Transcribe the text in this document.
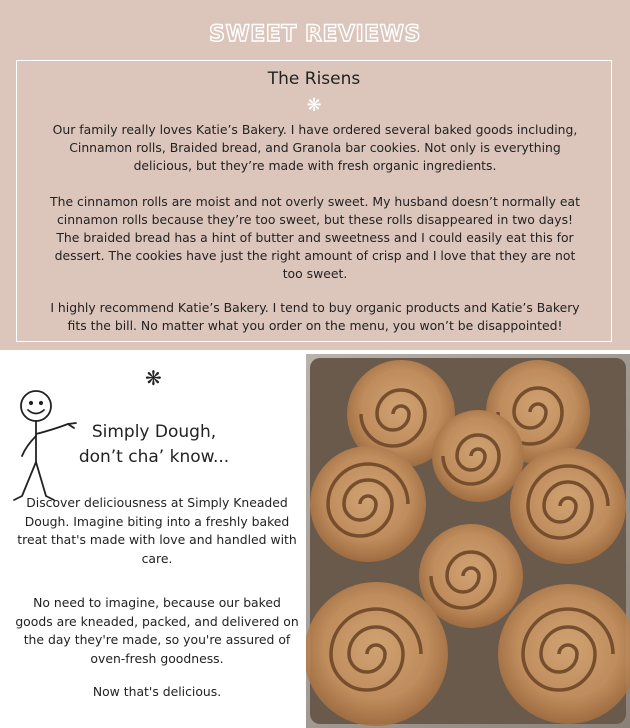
SWEET REVIEWS
The Risens
❋

Our family really loves Katie’s Bakery. I have ordered several baked goods including, Cinnamon rolls, Braided bread, and Granola bar cookies. Not only is everything delicious, but they’re made with fresh organic ingredients.

The cinnamon rolls are moist and not overly sweet. My husband doesn’t normally eat cinnamon rolls because they’re too sweet, but these rolls disappeared in two days! The braided bread has a hint of butter and sweetness and I could easily eat this for dessert. The cookies have just the right amount of crisp and I love that they are not too sweet.

I highly recommend Katie’s Bakery. I tend to buy organic products and Katie’s Bakery fits the bill. No matter what you order on the menu, you won’t be disappointed!

❋
Simply Dough,
don’t cha’ know...

Discover deliciousness at Simply Kneaded Dough. Imagine biting into a freshly baked treat that's made with love and handled with care.

No need to imagine, because our baked goods are kneaded, packed, and delivered on the day they're made, so you're assured of oven-fresh goodness.

Now that's delicious.
